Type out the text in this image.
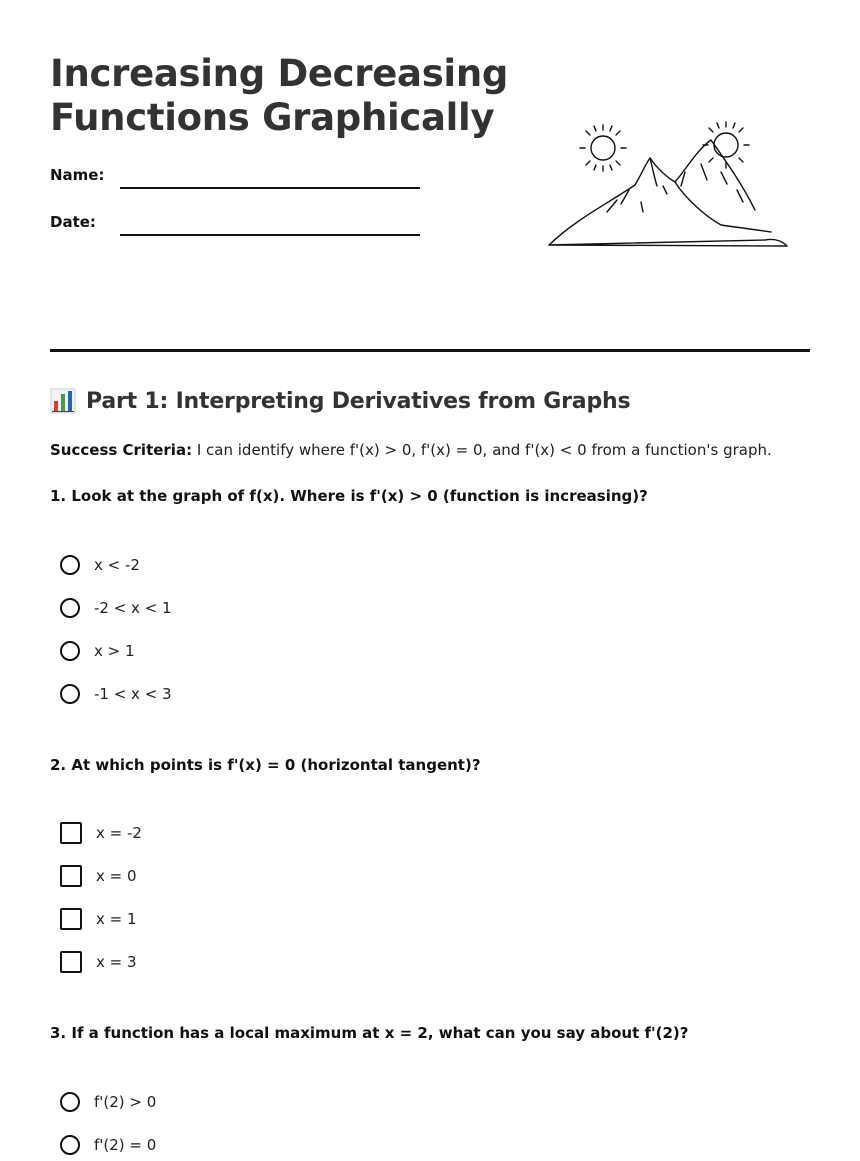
Increasing Decreasing Functions Graphically
Name:
Date:
Part 1: Interpreting Derivatives from Graphs
Success Criteria: I can identify where f'(x) > 0, f'(x) = 0, and f'(x) < 0 from a function's graph.
1. Look at the graph of f(x). Where is f'(x) > 0 (function is increasing)?
x < -2
-2 < x < 1
x > 1
-1 < x < 3
2. At which points is f'(x) = 0 (horizontal tangent)?
x = -2
x = 0
x = 1
x = 3
3. If a function has a local maximum at x = 2, what can you say about f'(2)?
f'(2) > 0
f'(2) = 0
